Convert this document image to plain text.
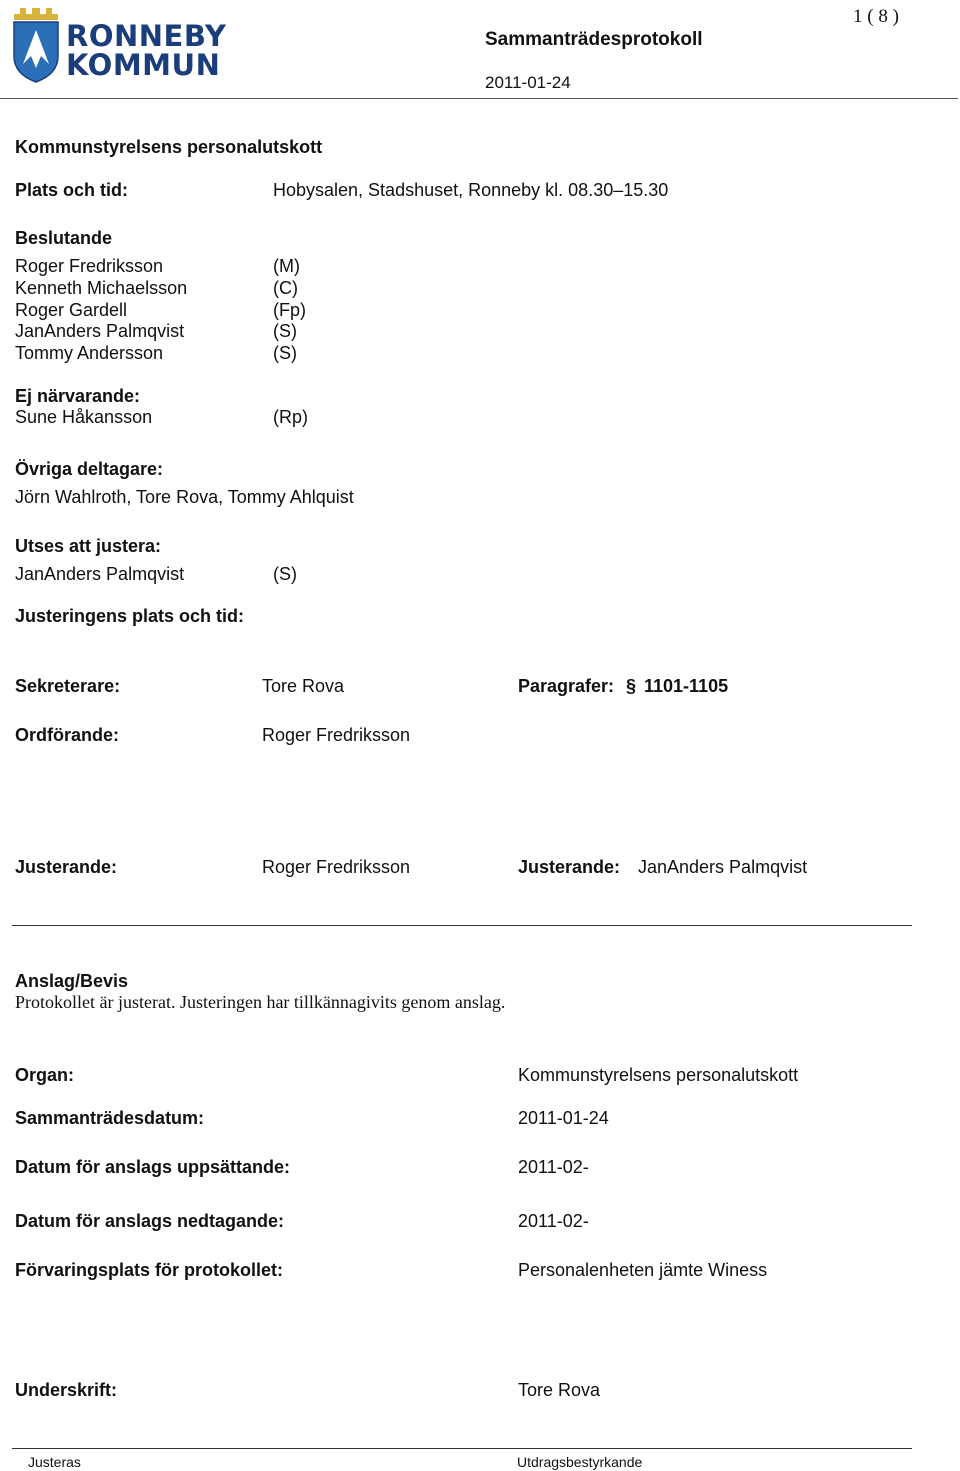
RONNEBY
KOMMUN
1 ( 8 )
Sammanträdesprotokoll
2011-01-24
Kommunstyrelsens personalutskott
Plats och tid:	Hobysalen, Stadshuset, Ronneby kl. 08.30–15.30
Beslutande
Roger Fredriksson	(M)
Kenneth Michaelsson	(C)
Roger Gardell	(Fp)
JanAnders Palmqvist	(S)
Tommy Andersson	(S)
Ej närvarande:
Sune Håkansson	(Rp)
Övriga deltagare:
Jörn Wahlroth, Tore Rova, Tommy Ahlquist
Utses att justera:
JanAnders Palmqvist	(S)
Justeringens plats och tid:
Sekreterare:	Tore Rova	Paragrafer: § 1101-1105
Ordförande:	Roger Fredriksson
Justerande:	Roger Fredriksson	Justerande: JanAnders Palmqvist
Anslag/Bevis
Protokollet är justerat. Justeringen har tillkännagivits genom anslag.
Organ:	Kommunstyrelsens personalutskott
Sammanträdesdatum:	2011-01-24
Datum för anslags uppsättande:	2011-02-
Datum för anslags nedtagande:	2011-02-
Förvaringsplats för protokollet:	Personalenheten jämte Winess
Underskrift:	Tore Rova
Justeras	Utdragsbestyrkande
